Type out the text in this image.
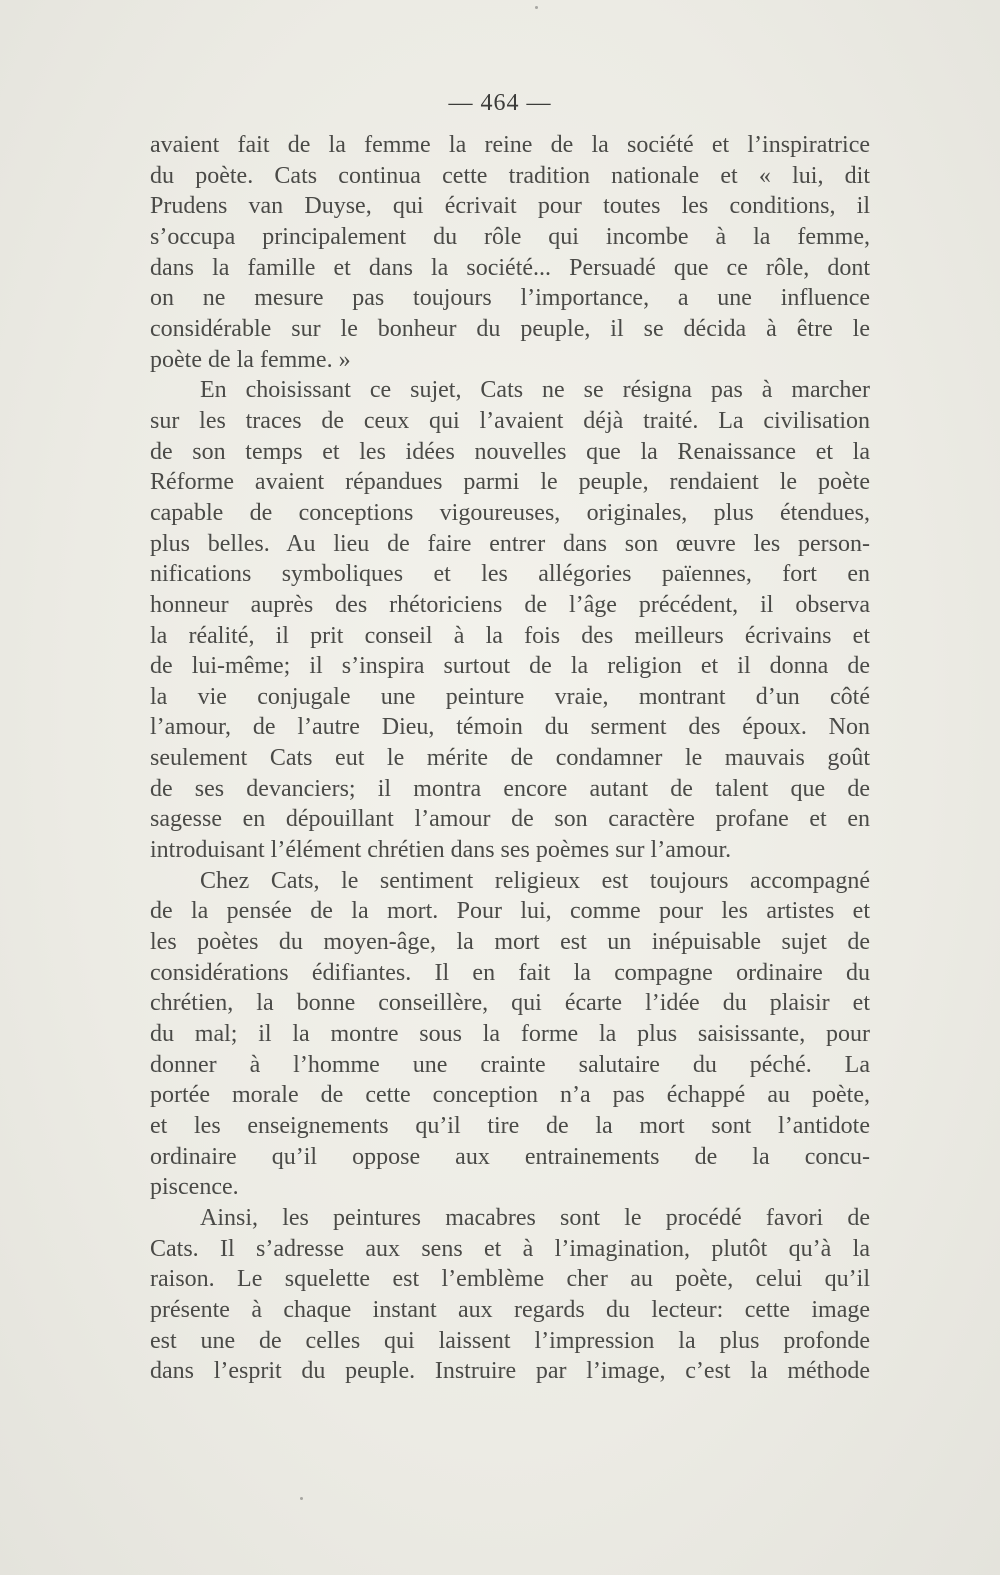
— 464 —

avaient fait de la femme la reine de la société et l’inspiratrice
du poète. Cats continua cette tradition nationale et « lui, dit
Prudens van Duyse, qui écrivait pour toutes les conditions, il
s’occupa principalement du rôle qui incombe à la femme,
dans la famille et dans la société... Persuadé que ce rôle, dont
on ne mesure pas toujours l’importance, a une influence
considérable sur le bonheur du peuple, il se décida à être le
poète de la femme. »

En choisissant ce sujet, Cats ne se résigna pas à marcher
sur les traces de ceux qui l’avaient déjà traité. La civilisation
de son temps et les idées nouvelles que la Renaissance et la
Réforme avaient répandues parmi le peuple, rendaient le poète
capable de conceptions vigoureuses, originales, plus étendues,
plus belles. Au lieu de faire entrer dans son œuvre les person-
nifications symboliques et les allégories païennes, fort en
honneur auprès des rhétoriciens de l’âge précédent, il observa
la réalité, il prit conseil à la fois des meilleurs écrivains et
de lui-même; il s’inspira surtout de la religion et il donna de
la vie conjugale une peinture vraie, montrant d’un côté
l’amour, de l’autre Dieu, témoin du serment des époux. Non
seulement Cats eut le mérite de condamner le mauvais goût
de ses devanciers; il montra encore autant de talent que de
sagesse en dépouillant l’amour de son caractère profane et en
introduisant l’élément chrétien dans ses poèmes sur l’amour.

Chez Cats, le sentiment religieux est toujours accompagné
de la pensée de la mort. Pour lui, comme pour les artistes et
les poètes du moyen-âge, la mort est un inépuisable sujet de
considérations édifiantes. Il en fait la compagne ordinaire du
chrétien, la bonne conseillère, qui écarte l’idée du plaisir et
du mal; il la montre sous la forme la plus saisissante, pour
donner à l’homme une crainte salutaire du péché. La
portée morale de cette conception n’a pas échappé au poète,
et les enseignements qu’il tire de la mort sont l’antidote
ordinaire qu’il oppose aux entrainements de la concu-
piscence.

Ainsi, les peintures macabres sont le procédé favori de
Cats. Il s’adresse aux sens et à l’imagination, plutôt qu’à la
raison. Le squelette est l’emblème cher au poète, celui qu’il
présente à chaque instant aux regards du lecteur: cette image
est une de celles qui laissent l’impression la plus profonde
dans l’esprit du peuple. Instruire par l’image, c’est la méthode
